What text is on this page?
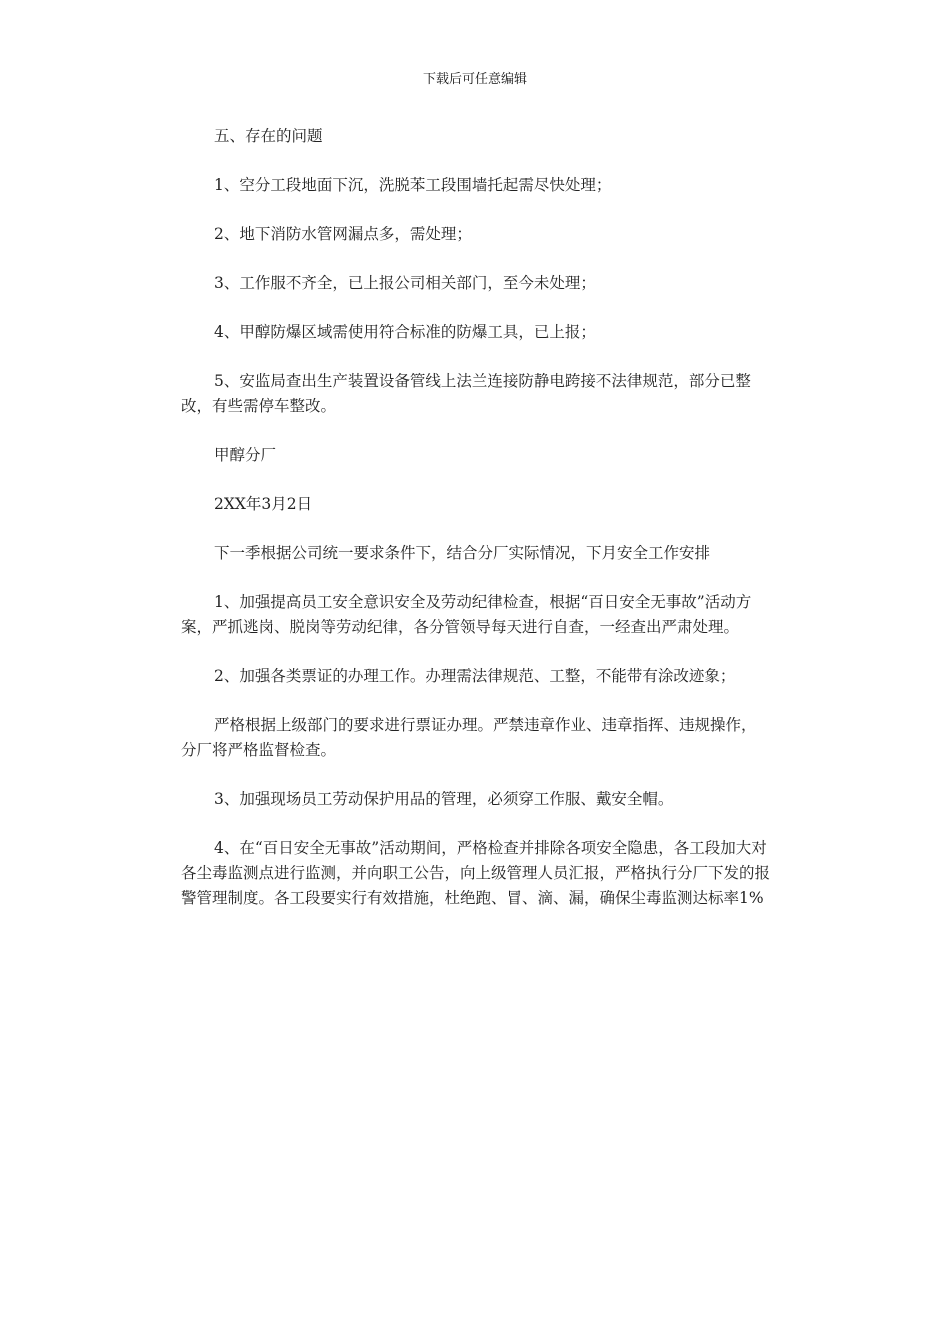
下载后可任意编辑

五、存在的问题

1、空分工段地面下沉，洗脱苯工段围墙托起需尽快处理；

2、地下消防水管网漏点多，需处理；

3、工作服不齐全，已上报公司相关部门，至今未处理；

4、甲醇防爆区域需使用符合标准的防爆工具，已上报；

5、安监局查出生产装置设备管线上法兰连接防静电跨接不法律规范，部分已整改，有些需停车整改。

甲醇分厂

2XX年3月2日

下一季根据公司统一要求条件下，结合分厂实际情况，下月安全工作安排

1、加强提高员工安全意识安全及劳动纪律检查，根据“百日安全无事故”活动方案，严抓逃岗、脱岗等劳动纪律，各分管领导每天进行自查，一经查出严肃处理。

2、加强各类票证的办理工作。办理需法律规范、工整，不能带有涂改迹象；

严格根据上级部门的要求进行票证办理。严禁违章作业、违章指挥、违规操作，分厂将严格监督检查。

3、加强现场员工劳动保护用品的管理，必须穿工作服、戴安全帽。

4、在“百日安全无事故”活动期间，严格检查并排除各项安全隐患，各工段加大对各尘毒监测点进行监测，并向职工公告，向上级管理人员汇报，严格执行分厂下发的报警管理制度。各工段要实行有效措施，杜绝跑、冒、滴、漏，确保尘毒监测达标率1%
